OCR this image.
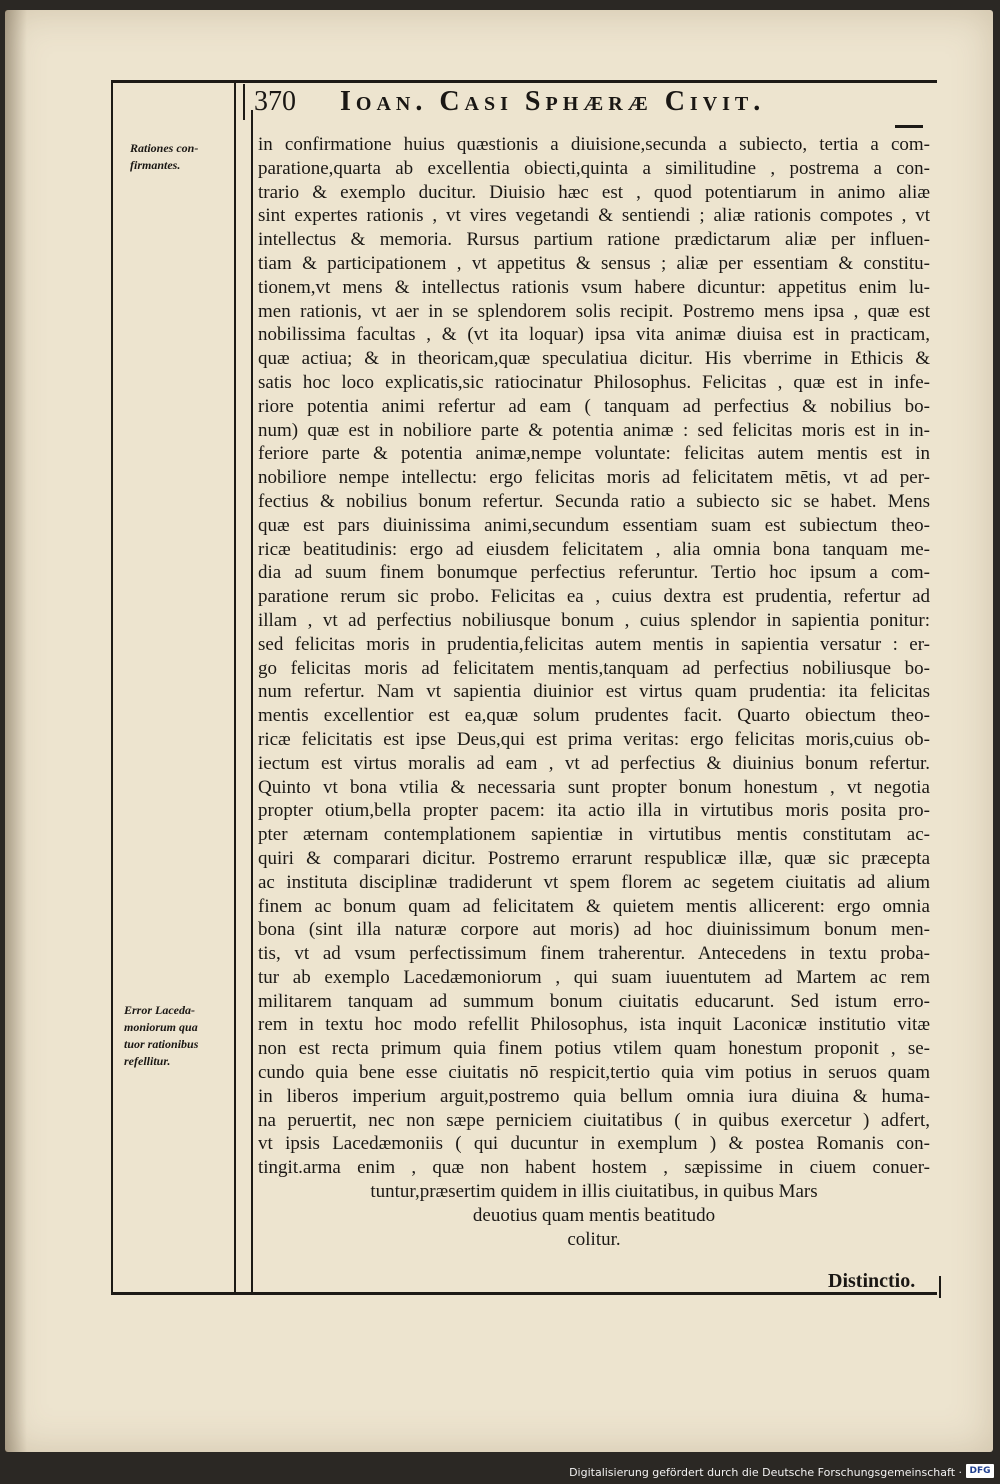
370 Ioan. Casi Sphæræ Civit.
Rationes con-
firmantes.
Error Laceda-
moniorum qua
tuor rationibus
refellitur.
in confirmatione huius quæstionis a diuisione,secunda a subiecto, tertia a com-
paratione,quarta ab excellentia obiecti,quinta a similitudine , postrema a con-
trario & exemplo ducitur. Diuisio hæc est , quod potentiarum in animo aliæ
sint expertes rationis , vt vires vegetandi & sentiendi ; aliæ rationis compotes , vt
intellectus & memoria. Rursus partium ratione prædictarum aliæ per influen-
tiam & participationem , vt appetitus & sensus ; aliæ per essentiam & constitu-
tionem,vt mens & intellectus rationis vsum habere dicuntur: appetitus enim lu-
men rationis, vt aer in se splendorem solis recipit. Postremo mens ipsa , quæ est
nobilissima facultas , & (vt ita loquar) ipsa vita animæ diuisa est in practicam,
quæ actiua; & in theoricam,quæ speculatiua dicitur. His vberrime in Ethicis &
satis hoc loco explicatis,sic ratiocinatur Philosophus. Felicitas , quæ est in infe-
riore potentia animi refertur ad eam ( tanquam ad perfectius & nobilius bo-
num) quæ est in nobiliore parte & potentia animæ : sed felicitas moris est in in-
feriore parte & potentia animæ,nempe voluntate: felicitas autem mentis est in
nobiliore nempe intellectu: ergo felicitas moris ad felicitatem mētis, vt ad per-
fectius & nobilius bonum refertur. Secunda ratio a subiecto sic se habet. Mens
quæ est pars diuinissima animi,secundum essentiam suam est subiectum theo-
ricæ beatitudinis: ergo ad eiusdem felicitatem , alia omnia bona tanquam me-
dia ad suum finem bonumque perfectius referuntur. Tertio hoc ipsum a com-
paratione rerum sic probo. Felicitas ea , cuius dextra est prudentia, refertur ad
illam , vt ad perfectius nobiliusque bonum , cuius splendor in sapientia ponitur:
sed felicitas moris in prudentia,felicitas autem mentis in sapientia versatur : er-
go felicitas moris ad felicitatem mentis,tanquam ad perfectius nobiliusque bo-
num refertur. Nam vt sapientia diuinior est virtus quam prudentia: ita felicitas
mentis excellentior est ea,quæ solum prudentes facit. Quarto obiectum theo-
ricæ felicitatis est ipse Deus,qui est prima veritas: ergo felicitas moris,cuius ob-
iectum est virtus moralis ad eam , vt ad perfectius & diuinius bonum refertur.
Quinto vt bona vtilia & necessaria sunt propter bonum honestum , vt negotia
propter otium,bella propter pacem: ita actio illa in virtutibus moris posita pro-
pter æternam contemplationem sapientiæ in virtutibus mentis constitutam ac-
quiri & comparari dicitur. Postremo errarunt respublicæ illæ, quæ sic præcepta
ac instituta disciplinæ tradiderunt vt spem florem ac segetem ciuitatis ad alium
finem ac bonum quam ad felicitatem & quietem mentis allicerent: ergo omnia
bona (sint illa naturæ corpore aut moris) ad hoc diuinissimum bonum men-
tis, vt ad vsum perfectissimum finem traherentur. Antecedens in textu proba-
tur ab exemplo Lacedæmoniorum , qui suam iuuentutem ad Martem ac rem
militarem tanquam ad summum bonum ciuitatis educarunt. Sed istum erro-
rem in textu hoc modo refellit Philosophus, ista inquit Laconicæ institutio vitæ
non est recta primum quia finem potius vtilem quam honestum proponit , se-
cundo quia bene esse ciuitatis nō respicit,tertio quia vim potius in seruos quam
in liberos imperium arguit,postremo quia bellum omnia iura diuina & huma-
na peruertit, nec non sæpe perniciem ciuitatibus ( in quibus exercetur ) adfert,
vt ipsis Lacedæmoniis ( qui ducuntur in exemplum ) & postea Romanis con-
tingit.arma enim , quæ non habent hostem , sæpissime in ciuem conuer-
tuntur,præsertim quidem in illis ciuitatibus, in quibus Mars
deuotius quam mentis beatitudo
colitur.
Distinctio.
Digitalisierung gefördert durch die Deutsche Forschungsgemeinschaft · DFG
